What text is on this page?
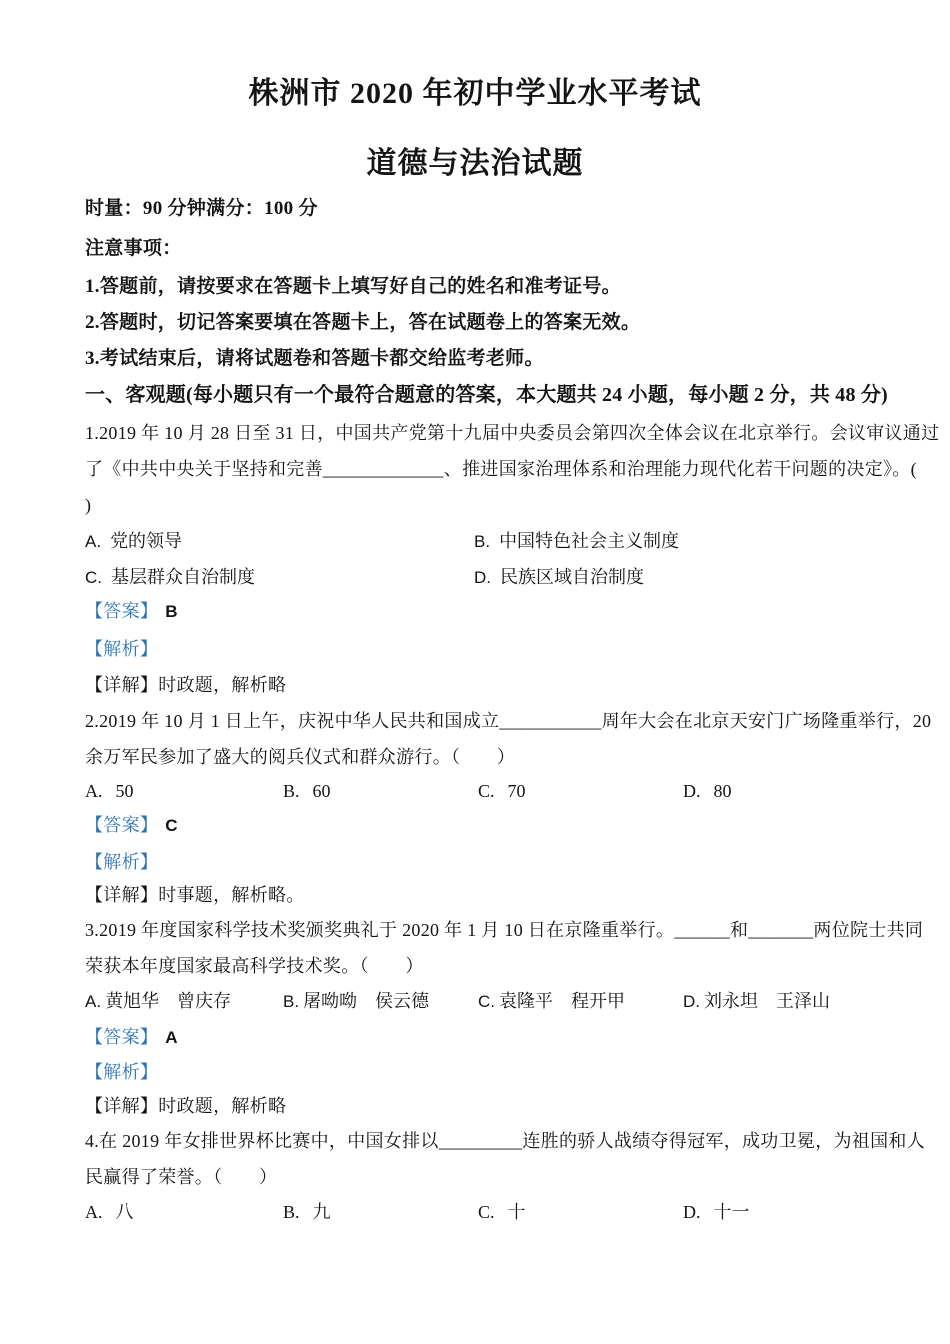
株洲市 2020 年初中学业水平考试
道德与法治试题
时量：90 分钟满分：100 分
注意事项：
1.答题前，请按要求在答题卡上填写好自己的姓名和准考证号。
2.答题时，切记答案要填在答题卡上，答在试题卷上的答案无效。
3.考试结束后，请将试题卷和答题卡都交给监考老师。
一、客观题(每小题只有一个最符合题意的答案，本大题共 24 小题，每小题 2 分，共 48 分)
1.2019 年 10 月 28 日至 31 日，中国共产党第十九届中央委员会第四次全体会议在北京举行。会议审议通过
了《中共中央关于坚持和完善_____________、推进国家治理体系和治理能力现代化若干问题的决定》。(
)
A. 党的领导	B. 中国特色社会主义制度
C. 基层群众自治制度	D. 民族区域自治制度
【答案】 B
【解析】
【详解】时政题，解析略
2.2019 年 10 月 1 日上午，庆祝中华人民共和国成立___________周年大会在北京天安门广场隆重举行，20
余万军民参加了盛大的阅兵仪式和群众游行。（　　）
A. 50	B. 60	C. 70	D. 80
【答案】 C
【解析】
【详解】时事题，解析略。
3.2019 年度国家科学技术奖颁奖典礼于 2020 年 1 月 10 日在京隆重举行。______和_______两位院士共同
荣获本年度国家最高科学技术奖。（　　）
A. 黄旭华　曾庆存	B. 屠呦呦　侯云德	C. 袁隆平　程开甲	D. 刘永坦　王泽山
【答案】 A
【解析】
【详解】时政题，解析略
4.在 2019 年女排世界杯比赛中，中国女排以_________连胜的骄人战绩夺得冠军，成功卫冕，为祖国和人
民赢得了荣誉。（　　）
A. 八	B. 九	C. 十	D. 十一
